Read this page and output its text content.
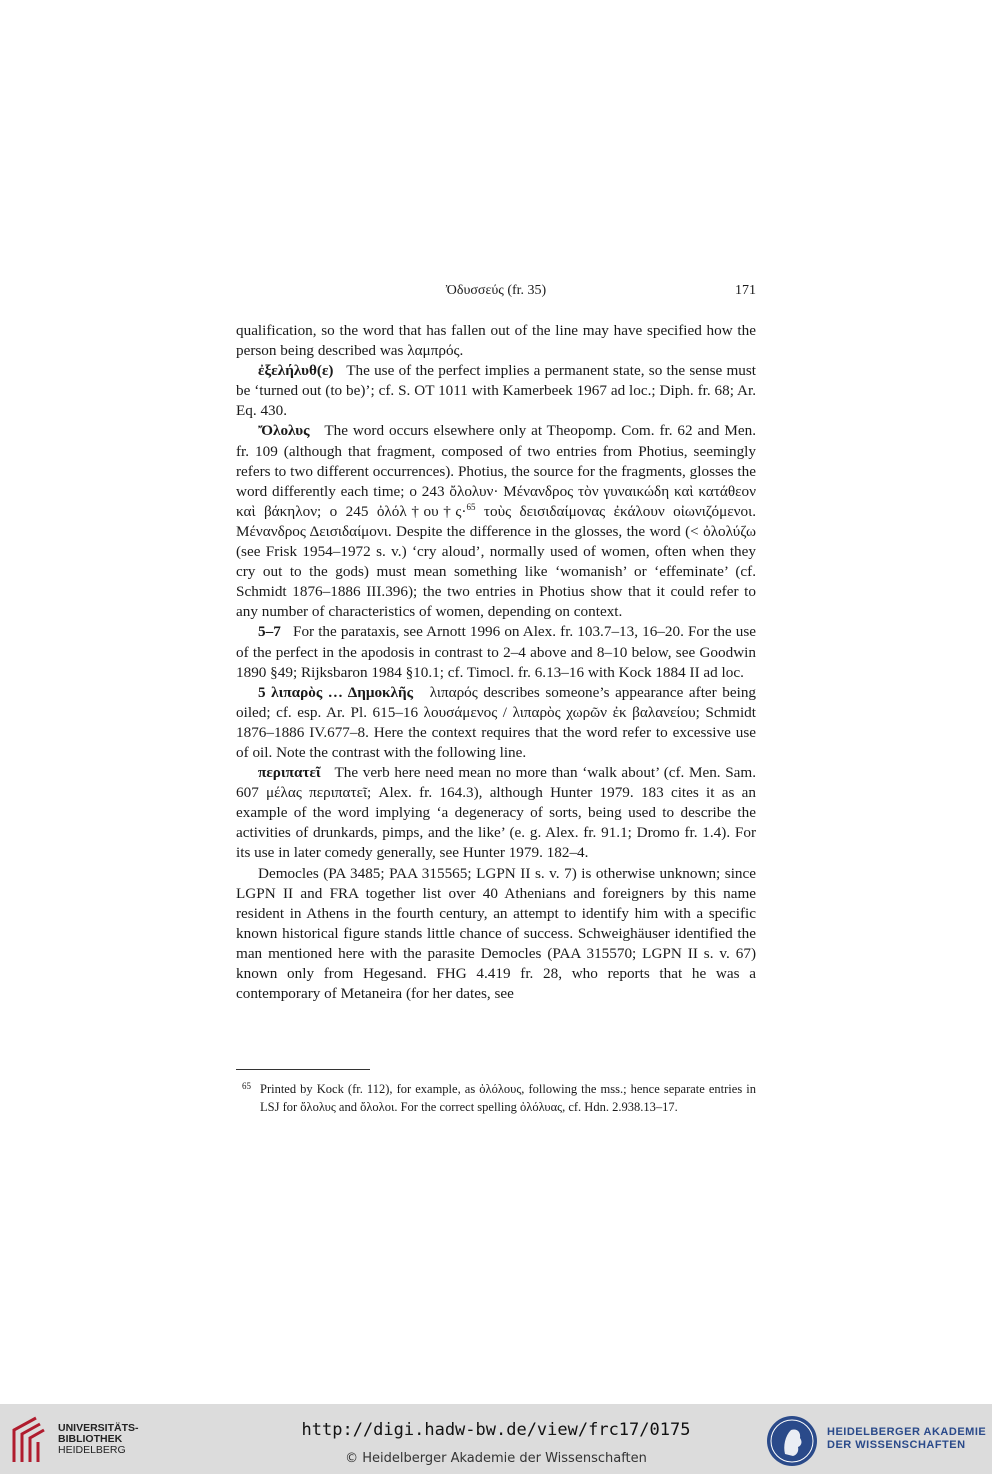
Ὀδυσσεύς (fr. 35)	171

qualification, so the word that has fallen out of the line may have specified how the person being described was λαμπρός.

ἐξελήλυθ(ε) The use of the perfect implies a permanent state, so the sense must be ‘turned out (to be)’; cf. S. OT 1011 with Kamerbeek 1967 ad loc.; Diph. fr. 68; Ar. Eq. 430.

Ὄλολυς The word occurs elsewhere only at Theopomp. Com. fr. 62 and Men. fr. 109 (although that fragment, composed of two entries from Photius, seemingly refers to two different occurrences). Photius, the source for the fragments, glosses the word differently each time; ο 243 ὄλολυν· Μένανδρος τὸν γυναικώδη καὶ κατάθεον καὶ βάκηλον; ο 245 ὀλόλ†ου†ς·$^{65}$ τοὺς δεισιδαίμονας ἐκάλουν οἰωνιζόμενοι. Μένανδρος Δεισιδαίμονι. Despite the difference in the glosses, the word (< ὀλολύζω (see Frisk 1954–1972 s. v.) ‘cry aloud’, normally used of women, often when they cry out to the gods) must mean something like ‘womanish’ or ‘effeminate’ (cf. Schmidt 1876–1886 III.396); the two entries in Photius show that it could refer to any number of characteristics of women, depending on context.

5–7 For the parataxis, see Arnott 1996 on Alex. fr. 103.7–13, 16–20. For the use of the perfect in the apodosis in contrast to 2–4 above and 8–10 below, see Goodwin 1890 §49; Rijksbaron 1984 §10.1; cf. Timocl. fr. 6.13–16 with Kock 1884 II ad loc.

5 λιπαρὸς … Δημοκλῆς λιπαρός describes someone’s appearance after being oiled; cf. esp. Ar. Pl. 615–16 λουσάμενος / λιπαρὸς χωρῶν ἐκ βαλανείου; Schmidt 1876–1886 IV.677–8. Here the context requires that the word refer to excessive use of oil. Note the contrast with the following line.

περιπατεῖ The verb here need mean no more than ‘walk about’ (cf. Men. Sam. 607 μέλας περιπατεῖ; Alex. fr. 164.3), although Hunter 1979. 183 cites it as an example of the word implying ‘a degeneracy of sorts, being used to describe the activities of drunkards, pimps, and the like’ (e. g. Alex. fr. 91.1; Dromo fr. 1.4). For its use in later comedy generally, see Hunter 1979. 182–4.

Democles (PA 3485; PAA 315565; LGPN II s. v. 7) is otherwise unknown; since LGPN II and FRA together list over 40 Athenians and foreigners by this name resident in Athens in the fourth century, an attempt to identify him with a specific known historical figure stands little chance of success. Schweighäuser identified the man mentioned here with the parasite Democles (PAA 315570; LGPN II s. v. 67) known only from Hegesand. FHG 4.419 fr. 28, who reports that he was a contemporary of Metaneira (for her dates, see

65 Printed by Kock (fr. 112), for example, as ὀλόλους, following the mss.; hence separate entries in LSJ for ὄλολυς and ὄλολοι. For the correct spelling ὀλόλυας, cf. Hdn. 2.938.13–17.
UNIVERSITÄTS-
BIBLIOTHEK
HEIDELBERG
http://digi.hadw-bw.de/view/frc17/0175
© Heidelberger Akademie der Wissenschaften
HEIDELBERGER AKADEMIE
DER WISSENSCHAFTEN
